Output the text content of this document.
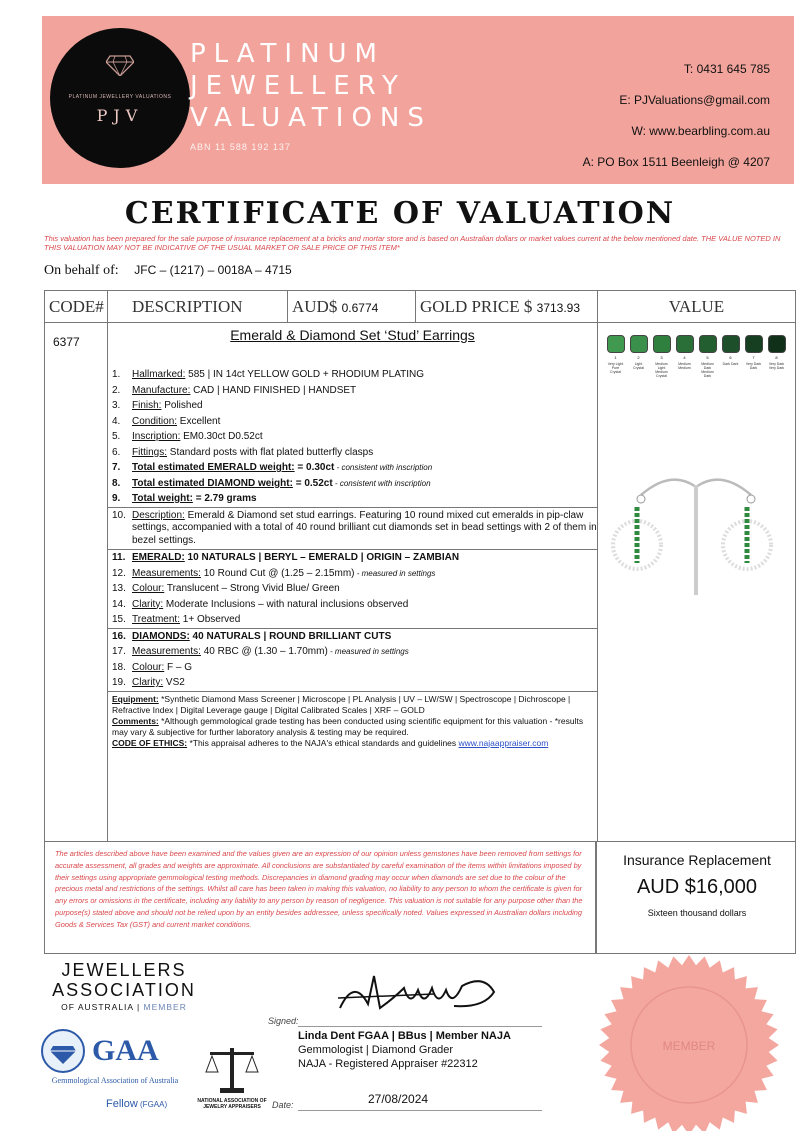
PLATINUM JEWELLERY VALUATIONS
PJV
PLATINUM
JEWELLERY
VALUATIONS
ABN 11 588 192 137
T: 0431 645 785
E: PJValuations@gmail.com
W: www.bearbling.com.au
A: PO Box 1511 Beenleigh @ 4207
CERTIFICATE OF VALUATION
This valuation has been prepared for the sale purpose of insurance replacement at a bricks and mortar store and is based on Australian dollars or market values current at the below mentioned date. THE VALUE NOTED IN THIS VALUATION MAY NOT BE INDICATIVE OF THE USUAL MARKET OR SALE PRICE OF THIS ITEM*
On behalf of: JFC – (1217) – 0018A – 4715
CODE#	DESCRIPTION	AUD$ 0.6774	GOLD PRICE $ 3713.93	VALUE
6377	Emerald & Diamond Set ‘Stud’ Earrings
1.	Hallmarked: 585 | IN 14ct YELLOW GOLD + RHODIUM PLATING
2.	Manufacture: CAD | HAND FINISHED | HANDSET
3.	Finish: Polished
4.	Condition: Excellent
5.	Inscription: EM0.30ct D0.52ct
6.	Fittings: Standard posts with flat plated butterfly clasps
7.	Total estimated EMERALD weight: = 0.30ct - consistent with inscription
8.	Total estimated DIAMOND weight: = 0.52ct - consistent with inscription
9.	Total weight: = 2.79 grams
10. Description: Emerald & Diamond set stud earrings. Featuring 10 round mixed cut emeralds in pip-claw settings, accompanied with a total of 40 round brilliant cut diamonds set in bead settings with 2 of them in bezel settings.
11. EMERALD: 10 NATURALS | BERYL – EMERALD | ORIGIN – ZAMBIAN
12. Measurements: 10 Round Cut @ (1.25 – 2.15mm) - measured in settings
13. Colour: Translucent – Strong Vivid Blue/ Green
14. Clarity: Moderate Inclusions – with natural inclusions observed
15. Treatment: 1+ Observed
16. DIAMONDS: 40 NATURALS | ROUND BRILLIANT CUTS
17. Measurements: 40 RBC @ (1.30 – 1.70mm) - measured in settings
18. Colour: F – G
19. Clarity: VS2
Equipment: *Synthetic Diamond Mass Screener | Microscope | PL Analysis | UV – LW/SW | Spectroscope | Dichroscope | Refractive Index | Digital Leverage gauge | Digital Calibrated Scales | XRF – GOLD
Comments: *Although gemmological grade testing has been conducted using scientific equipment for this valuation - *results may vary & subjective for further laboratory analysis & testing may be required.
CODE OF ETHICS: *This appraisal adheres to the NAJA's ethical standards and guidelines www.najaappraiser.com
1	2	3	4	5	6	7	8
Very Light Pure Crystal
Light Crystal
Medium Light Medium Crystal
Medium Medium
Medium Dark Medium Dark
Dark Dark	Very Dark Dark
Very Dark Very Dark
The articles described above have been examined and the values given are an expression of our opinion unless gemstones have been removed from settings for accurate assessment, all grades and weights are approximate. All conclusions are substantiated by careful examination of the items within limitations imposed by their settings using appropriate gemmological testing methods. Discrepancies in diamond grading may occur when diamonds are set due to the colour of the precious metal and restrictions of the settings. Whilst all care has been taken in making this valuation, no liability to any person to whom the certificate is given for any errors or omissions in the certificate, including any liability to any person by reason of negligence. This valuation is not suitable for any purpose other than the purpose(s) stated above and should not be relied upon by an entity besides addressee, unless specifically noted. Values expressed in Australian dollars including Goods & Services Tax (GST) and current market conditions.
Insurance Replacement
AUD $16,000
Sixteen thousand dollars
JEWELLERS
ASSOCIATION
OF AUSTRALIA | MEMBER
GAA
Gemmological Association of Australia
Fellow (FGAA)	NATIONAL ASSOCIATION OF JEWELRY APPRAISERS
Signed:
Linda Dent FGAA | BBus | Member NAJA
Gemmologist | Diamond Grader
NAJA - Registered Appraiser #22312
Date:	27/08/2024
MEMBER
